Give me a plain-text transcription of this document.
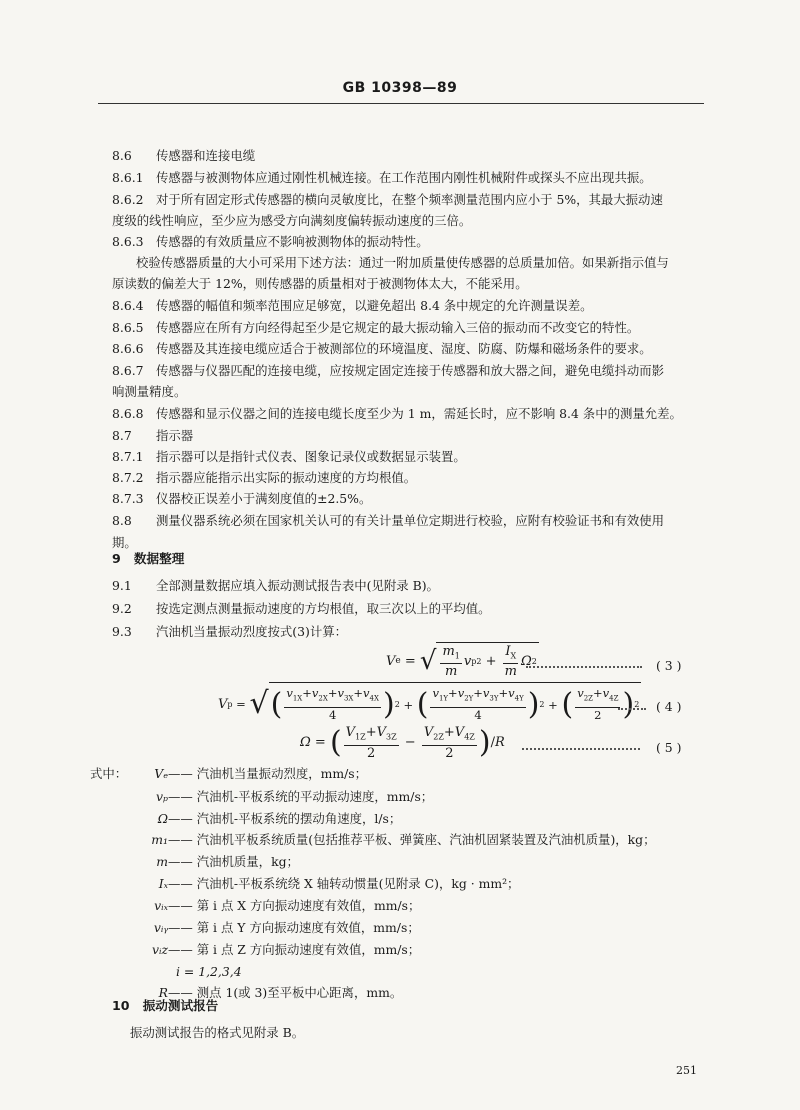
GB 10398—89
8.6 传感器和连接电缆
8.6.1 传感器与被测物体应通过刚性机械连接。在工作范围内刚性机械附件或探头不应出现共振。
8.6.2 对于所有固定形式传感器的横向灵敏度比，在整个频率测量范围内应小于 5%，其最大振动速
度级的线性响应，至少应为感受方向满刻度偏转振动速度的三倍。
8.6.3 传感器的有效质量应不影响被测物体的振动特性。
校验传感器质量的大小可采用下述方法：通过一附加质量使传感器的总质量加倍。如果新指示值与
原读数的偏差大于 12%，则传感器的质量相对于被测物体太大，不能采用。
8.6.4 传感器的幅值和频率范围应足够宽，以避免超出 8.4 条中规定的允许测量误差。
8.6.5 传感器应在所有方向经得起至少是它规定的最大振动输入三倍的振动而不改变它的特性。
8.6.6 传感器及其连接电缆应适合于被测部位的环境温度、湿度、防腐、防爆和磁场条件的要求。
8.6.7 传感器与仪器匹配的连接电缆，应按规定固定连接于传感器和放大器之间，避免电缆抖动而影
响测量精度。
8.6.8 传感器和显示仪器之间的连接电缆长度至少为 1 m，需延长时，应不影响 8.4 条中的测量允差。
8.7 指示器
8.7.1 指示器可以是指针式仪表、图象记录仪或数据显示装置。
8.7.2 指示器应能指示出实际的振动速度的方均根值。
8.7.3 仪器校正误差小于满刻度值的±2.5%。
8.8 测量仪器系统必须在国家机关认可的有关计量单位定期进行校验，应附有校验证书和有效使用
期。
9 数据整理
9.1 全部测量数据应填入振动测试报告表中(见附录 B)。
9.2 按选定测点测量振动速度的方均根值，取三次以上的平均值。
9.3 汽油机当量振动烈度按式(3)计算：
V e = √ $\frac{m_1}{m}$ v p $2 + \frac{I_X}{m}$ Ω 2	( 3 )
V p = √ ( $\frac{v_{1X}+v_{2X}+v_{3X}+v_{4X}}{4}$ ) 2 + ( $\frac{v_{1Y}+v_{2Y}+v_{3Y}+v_{4Y}}{4}$ ) 2 + ( $\frac{v_{2Z}+v_{4Z}}{2}$ ) 2 ( 4 )
Ω = ( $\frac{V_{1Z}+V_{3Z}}{2} - \frac{V_{2Z}+V_{4Z}}{2}$ ) / R	( 5 )
式中：	Vₑ—— 汽油机当量振动烈度，mm/s；
vₚ—— 汽油机-平板系统的平动振动速度，mm/s；
Ω—— 汽油机-平板系统的摆动角速度，l/s；
m₁—— 汽油机平板系统质量(包括推荐平板、弹簧座、汽油机固紧装置及汽油机质量)，kg；
m—— 汽油机质量，kg；
Iₓ—— 汽油机-平板系统绕 X 轴转动惯量(见附录 C)，kg · mm²；
vᵢₓ—— 第 i 点 X 方向振动速度有效值，mm/s；
vᵢᵧ—— 第 i 点 Y 方向振动速度有效值，mm/s；
vᵢz—— 第 i 点 Z 方向振动速度有效值，mm/s；
i = 1,2,3,4
R—— 测点 1(或 3)至平板中心距离，mm。
10 振动测试报告
振动测试报告的格式见附录 B。
251
